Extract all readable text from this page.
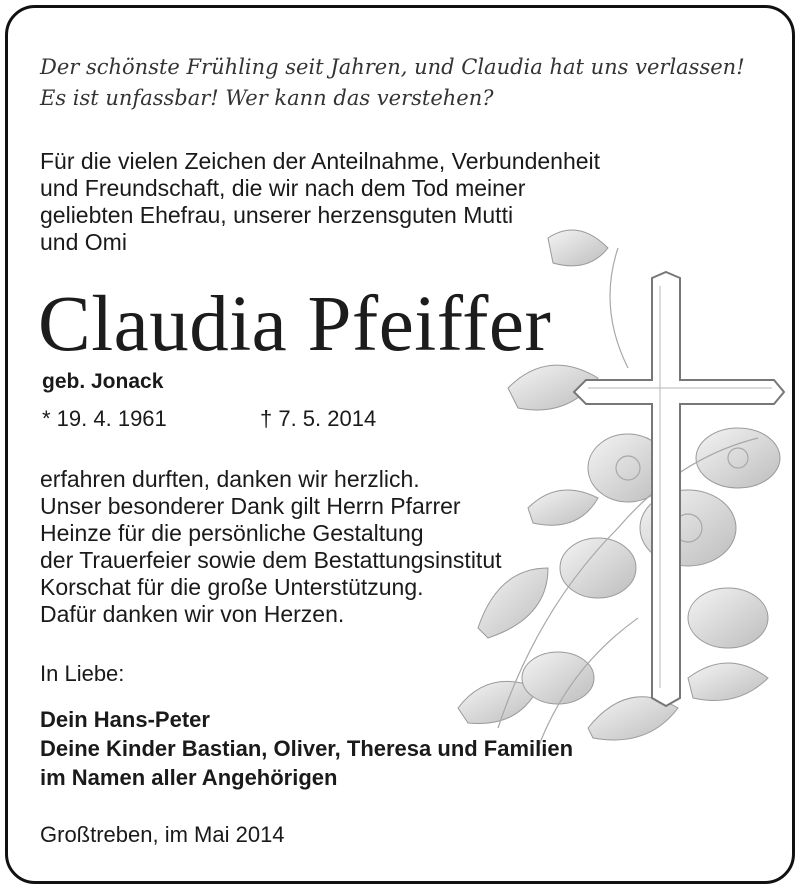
Der schönste Frühling seit Jahren, und Claudia hat uns verlassen!
Es ist unfassbar! Wer kann das verstehen?
Für die vielen Zeichen der Anteilnahme, Verbundenheit
und Freundschaft, die wir nach dem Tod meiner
geliebten Ehefrau, unserer herzensguten Mutti
und Omi
Claudia Pfeiffer
geb. Jonack
* 19. 4. 1961	† 7. 5. 2014
erfahren durften, danken wir herzlich.
Unser besonderer Dank gilt Herrn Pfarrer
Heinze für die persönliche Gestaltung
der Trauerfeier sowie dem Bestattungsinstitut
Korschat für die große Unterstützung.
Dafür danken wir von Herzen.
In Liebe:
Dein Hans-Peter
Deine Kinder Bastian, Oliver, Theresa und Familien
im Namen aller Angehörigen
Großtreben, im Mai 2014
